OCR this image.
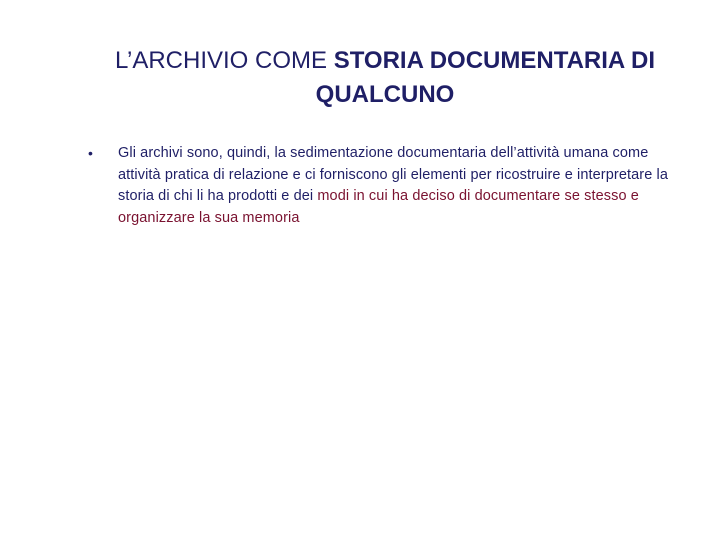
L’ARCHIVIO COME STORIA DOCUMENTARIA DI QUALCUNO
•	Gli archivi sono, quindi, la sedimentazione documentaria dell’attività umana come attività pratica di relazione e ci forniscono gli elementi per ricostruire e interpretare la storia di chi li ha prodotti e dei modi in cui ha deciso di documentare se stesso e organizzare la sua memoria
